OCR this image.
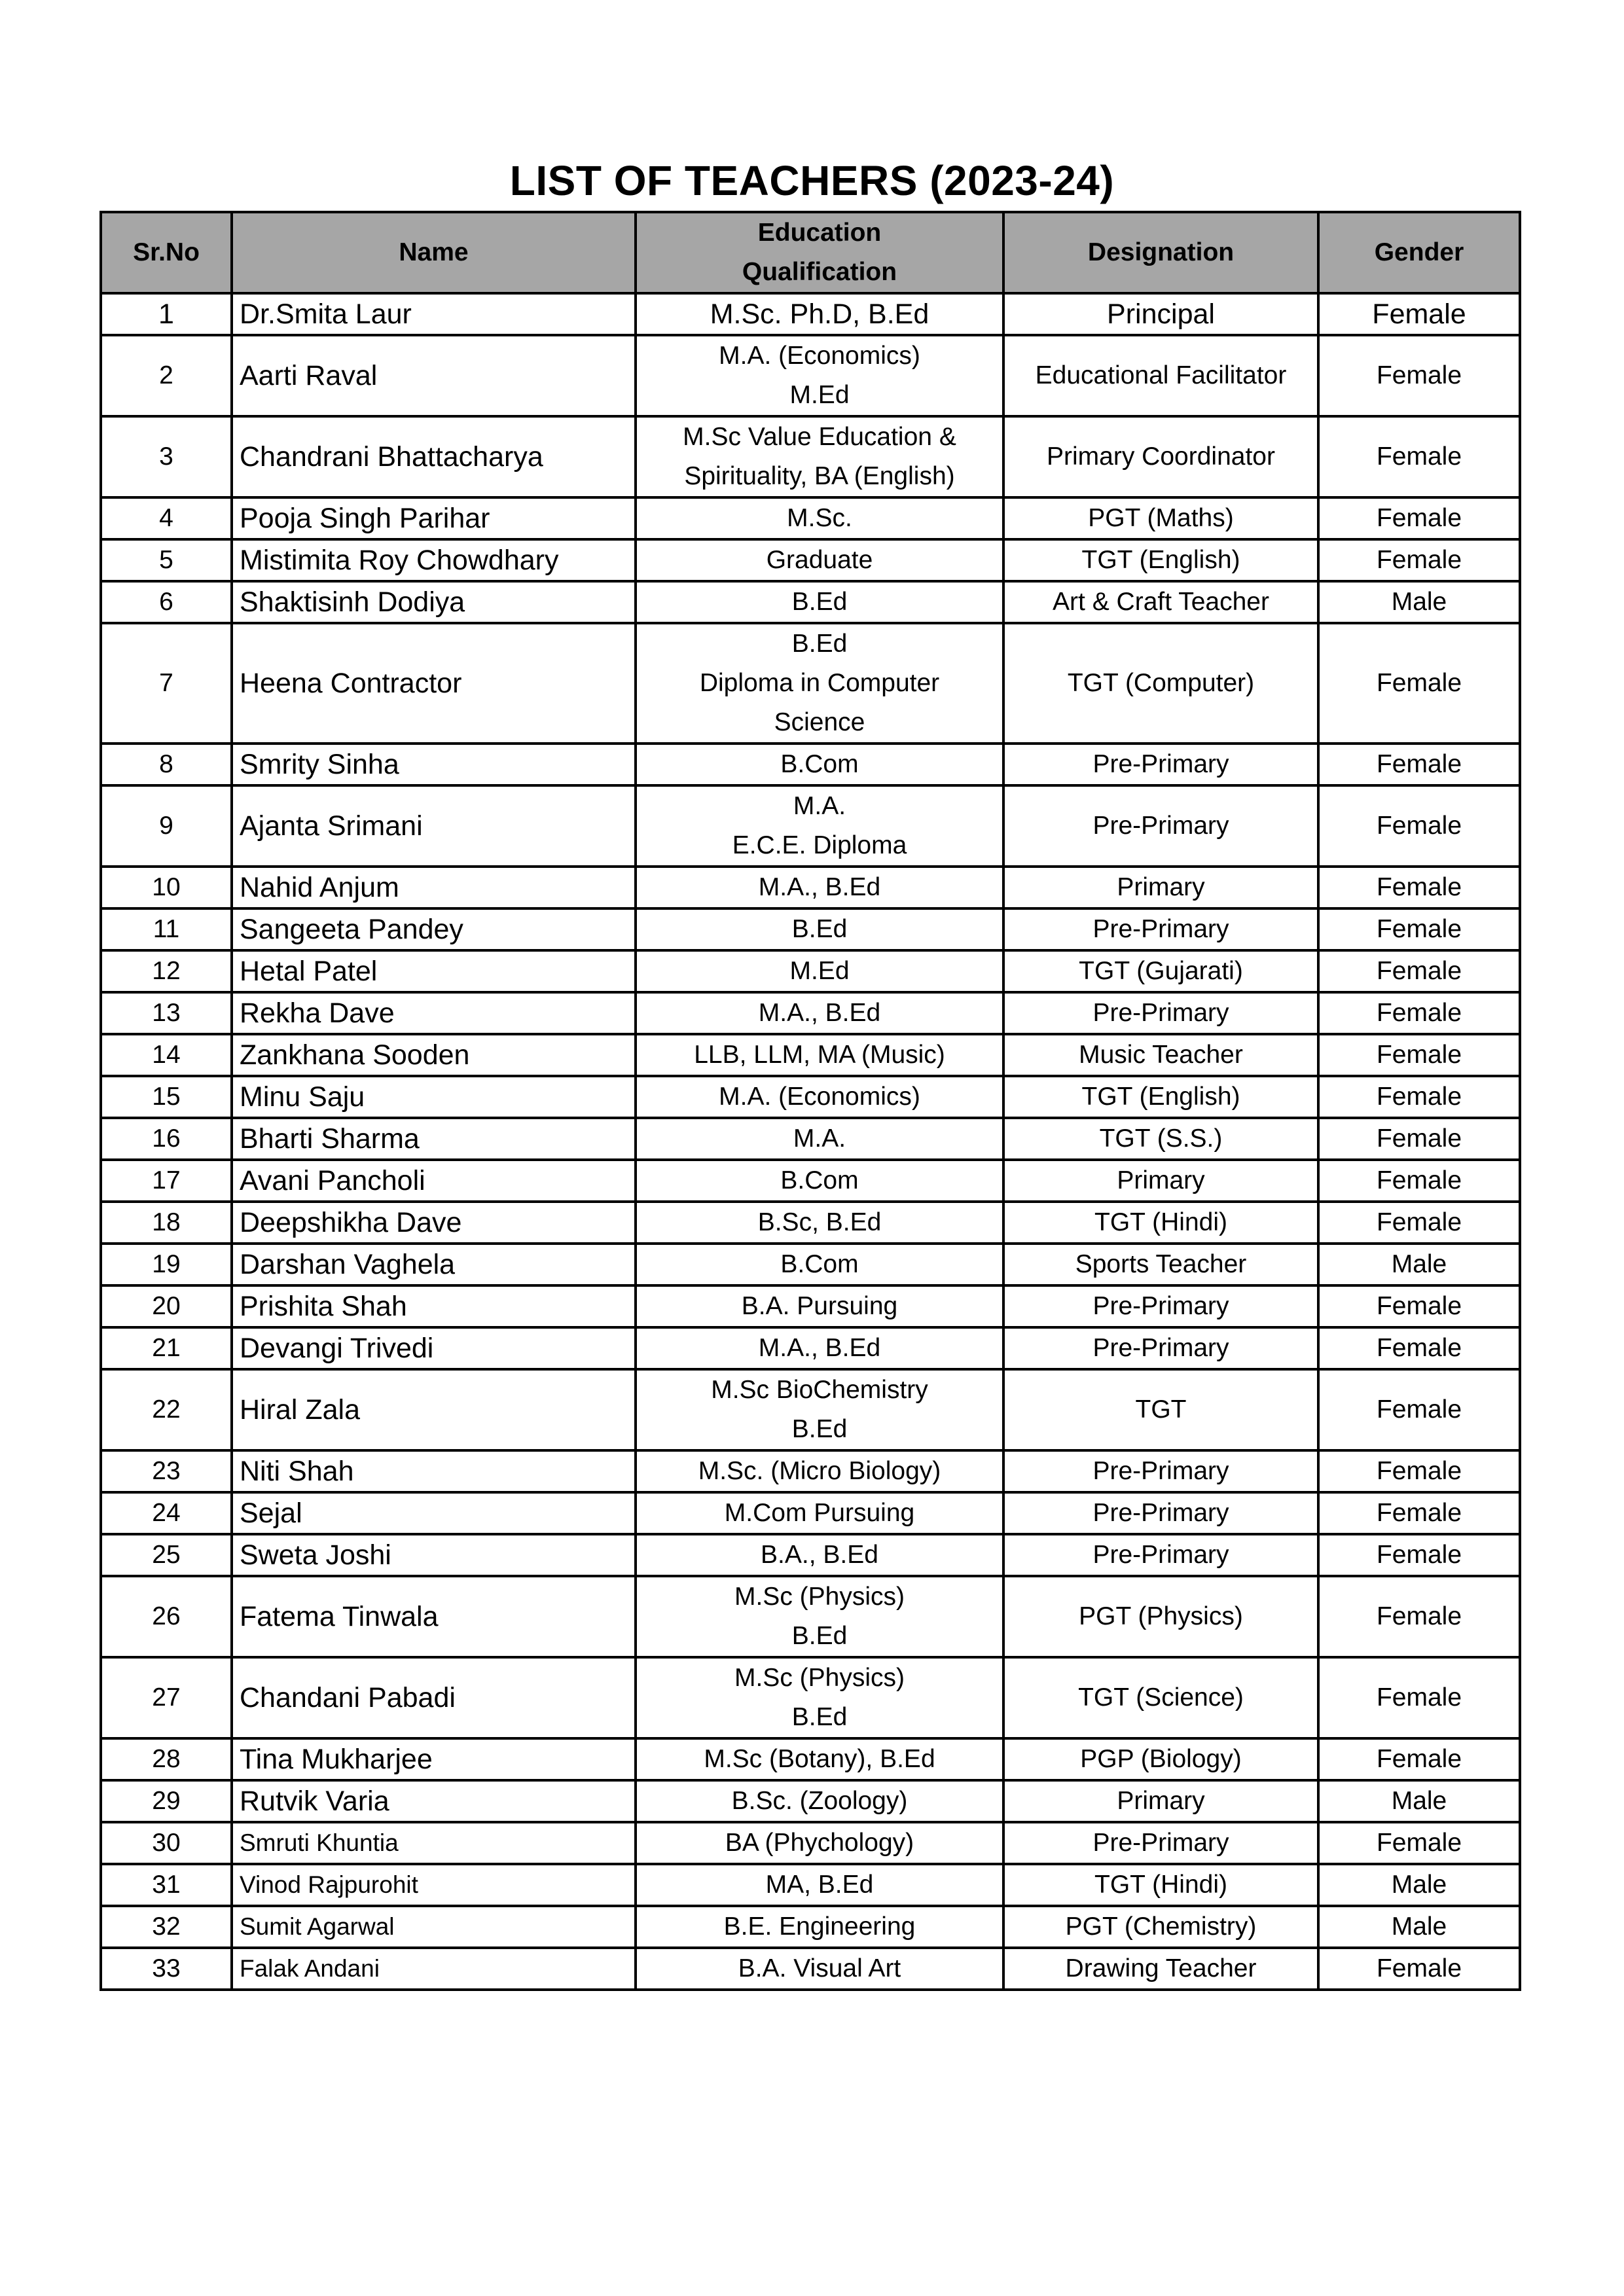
LIST OF TEACHERS (2023-24)
Sr.No	Name	Education
Qualification	Designation	Gender
1	Dr.Smita Laur	M.Sc. Ph.D, B.Ed	Principal	Female
2	Aarti Raval	M.A. (Economics)
M.Ed	Educational Facilitator	Female
3	Chandrani Bhattacharya	M.Sc Value Education &
Spirituality, BA (English)	Primary Coordinator	Female
4	Pooja Singh Parihar	M.Sc.	PGT (Maths)	Female
5	Mistimita Roy Chowdhary	Graduate	TGT (English)	Female
6	Shaktisinh Dodiya	B.Ed	Art & Craft Teacher	Male
7	Heena Contractor	B.Ed
Diploma in Computer
Science	TGT (Computer)	Female
8	Smrity Sinha	B.Com	Pre-Primary	Female
9	Ajanta Srimani	M.A.
E.C.E. Diploma	Pre-Primary	Female
10	Nahid Anjum	M.A., B.Ed	Primary	Female
11	Sangeeta Pandey	B.Ed	Pre-Primary	Female
12	Hetal Patel	M.Ed	TGT (Gujarati)	Female
13	Rekha Dave	M.A., B.Ed	Pre-Primary	Female
14	Zankhana Sooden	LLB, LLM, MA (Music)	Music Teacher	Female
15	Minu Saju	M.A. (Economics)	TGT (English)	Female
16	Bharti Sharma	M.A.	TGT (S.S.)	Female
17	Avani Pancholi	B.Com	Primary	Female
18	Deepshikha Dave	B.Sc, B.Ed	TGT (Hindi)	Female
19	Darshan Vaghela	B.Com	Sports Teacher	Male
20	Prishita Shah	B.A. Pursuing	Pre-Primary	Female
21	Devangi Trivedi	M.A., B.Ed	Pre-Primary	Female
22	Hiral Zala	M.Sc BioChemistry
B.Ed	TGT	Female
23	Niti Shah	M.Sc. (Micro Biology)	Pre-Primary	Female
24	Sejal	M.Com Pursuing	Pre-Primary	Female
25	Sweta Joshi	B.A., B.Ed	Pre-Primary	Female
26	Fatema Tinwala	M.Sc (Physics)
B.Ed	PGT (Physics)	Female
27	Chandani Pabadi	M.Sc (Physics)
B.Ed	TGT (Science)	Female
28	Tina Mukharjee	M.Sc (Botany), B.Ed	PGP (Biology)	Female
29	Rutvik Varia	B.Sc. (Zoology)	Primary	Male
30	Smruti Khuntia	BA (Phychology)	Pre-Primary	Female
31	Vinod Rajpurohit	MA, B.Ed	TGT (Hindi)	Male
32	Sumit Agarwal	B.E. Engineering	PGT (Chemistry)	Male
33	Falak Andani	B.A. Visual Art	Drawing Teacher	Female
